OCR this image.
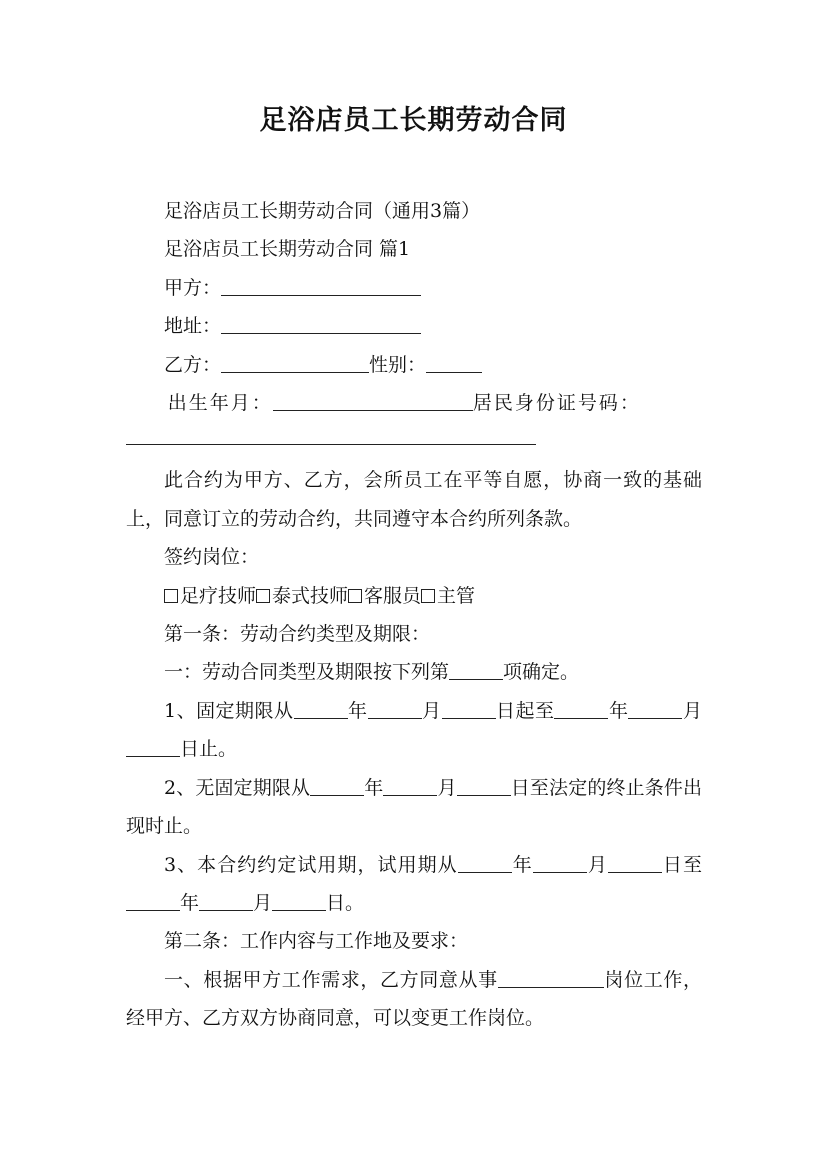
足浴店员工长期劳动合同

足浴店员工长期劳动合同（通用3篇）

足浴店员工长期劳动合同 篇1

甲方：

地址：

乙方：	性别：

出生年月：	居民身份证号码：

此合约为甲方、乙方，会所员工在平等自愿，协商一致的基础上，同意订立的劳动合约，共同遵守本合约所列条款。

签约岗位：

足疗技师 泰式技师 客服员 主管

第一条：劳动合约类型及期限：

一：劳动合同类型及期限按下列第	项确定。

1、固定期限从	年	月	日起至	年	月日止。

2、无固定期限从	年	月	日至法定的终止条件出现时止。

3、本合约约定试用期，试用期从	年	月	日至年	月	日。

第二条：工作内容与工作地及要求：

一、根据甲方工作需求，乙方同意从事	岗位工作，经甲方、乙方双方协商同意，可以变更工作岗位。
